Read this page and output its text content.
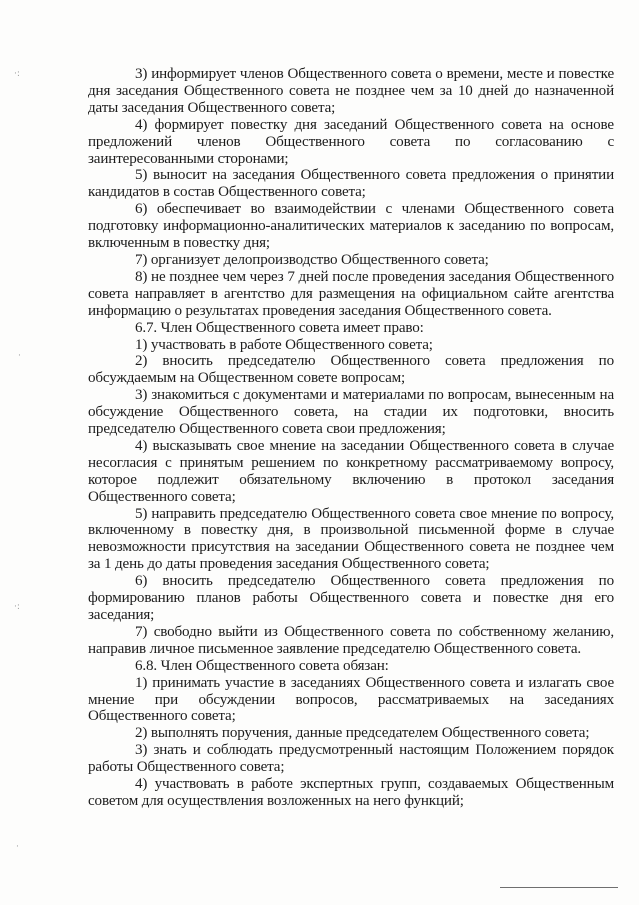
·:
·
·:
·

3) информирует членов Общественного совета о времени, месте и повестке дня заседания Общественного совета не позднее чем за 10 дней до назначенной даты заседания Общественного совета;

4) формирует повестку дня заседаний Общественного совета на основе предложений членов Общественного совета по согласованию с заинтересованными сторонами;

5) выносит на заседания Общественного совета предложения о принятии кандидатов в состав Общественного совета;

6) обеспечивает во взаимодействии с членами Общественного совета подготовку информационно-аналитических материалов к заседанию по вопросам, включенным в повестку дня;

7) организует делопроизводство Общественного совета;

8) не позднее чем через 7 дней после проведения заседания Общественного совета направляет в агентство для размещения на официальном сайте агентства информацию о результатах проведения заседания Общественного совета.

6.7. Член Общественного совета имеет право:

1) участвовать в работе Общественного совета;

2) вносить председателю Общественного совета предложения по обсуждаемым на Общественном совете вопросам;

3) знакомиться с документами и материалами по вопросам, вынесенным на обсуждение Общественного совета, на стадии их подготовки, вносить председателю Общественного совета свои предложения;

4) высказывать свое мнение на заседании Общественного совета в случае несогласия с принятым решением по конкретному рассматриваемому вопросу, которое подлежит обязательному включению в протокол заседания Общественного совета;

5) направить председателю Общественного совета свое мнение по вопросу, включенному в повестку дня, в произвольной письменной форме в случае невозможности присутствия на заседании Общественного совета не позднее чем за 1 день до даты проведения заседания Общественного совета;

6) вносить председателю Общественного совета предложения по формированию планов работы Общественного совета и повестке дня его заседания;

7) свободно выйти из Общественного совета по собственному желанию, направив личное письменное заявление председателю Общественного совета.

6.8. Член Общественного совета обязан:

1) принимать участие в заседаниях Общественного совета и излагать свое мнение при обсуждении вопросов, рассматриваемых на заседаниях Общественного совета;

2) выполнять поручения, данные председателем Общественного совета;

3) знать и соблюдать предусмотренный настоящим Положением порядок работы Общественного совета;

4) участвовать в работе экспертных групп, создаваемых Общественным советом для осуществления возложенных на него функций;
